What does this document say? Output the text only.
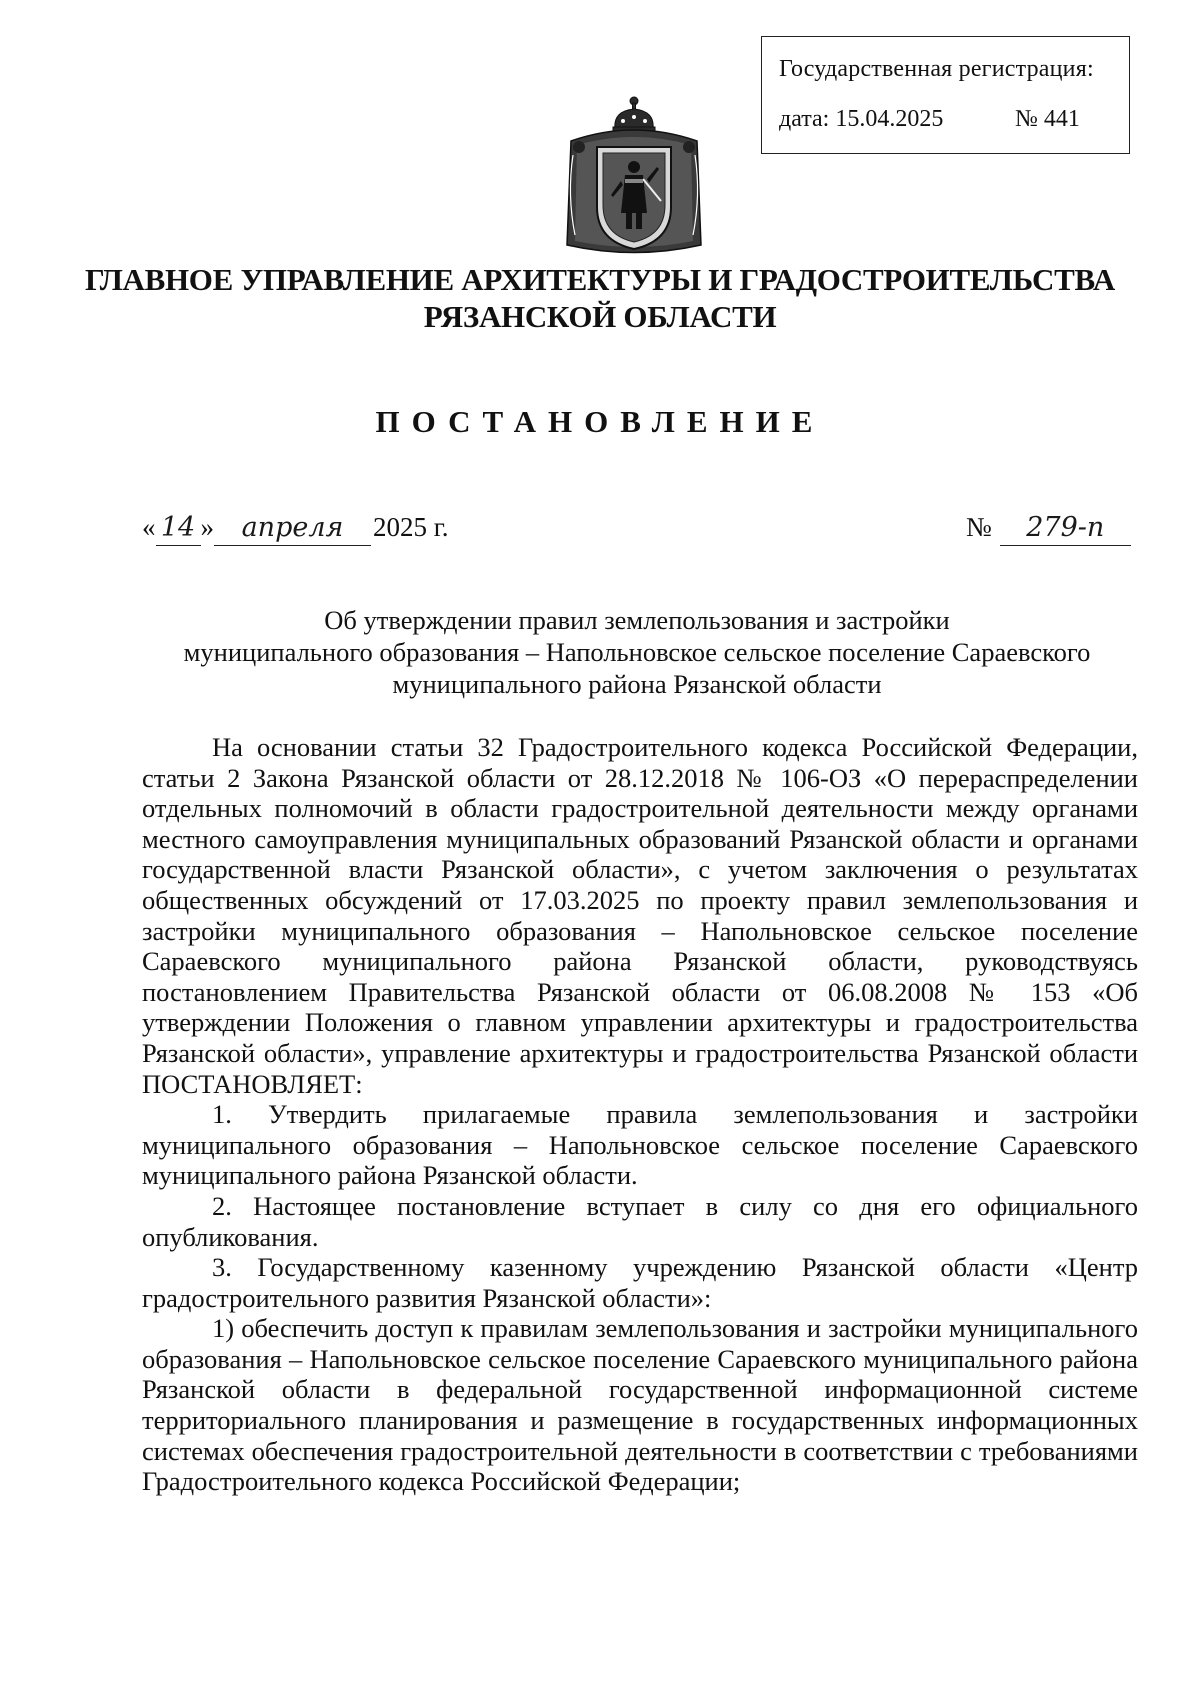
Государственная регистрация:
дата: 15.04.2025	№ 441
ГЛАВНОЕ УПРАВЛЕНИЕ АРХИТЕКТУРЫ И ГРАДОСТРОИТЕЛЬСТВА
РЯЗАНСКОЙ ОБЛАСТИ
ПОСТАНОВЛЕНИЕ
« 14 » апреля 2025 г.	№ 279-п
Об утверждении правил землепользования и застройки
муниципального образования – Напольновское сельское поселение Сараевского
муниципального района Рязанской области

На основании статьи 32 Градостроительного кодекса Российской Федерации, статьи 2 Закона Рязанской области от 28.12.2018 № 106-ОЗ «О перераспределении отдельных полномочий в области градостроительной деятельности между органами местного самоуправления муниципальных образований Рязанской области и органами государственной власти Рязанской области», с учетом заключения о результатах общественных обсуждений от 17.03.2025 по проекту правил землепользования и застройки муниципального образования – Напольновское сельское поселение Сараевского муниципального района Рязанской области, руководствуясь постановлением Правительства Рязанской области от 06.08.2008 № 153 «Об утверждении Положения о главном управлении архитектуры и градостроительства Рязанской области», управление архитектуры и градостроительства Рязанской области ПОСТАНОВЛЯЕТ:

1. Утвердить прилагаемые правила землепользования и застройки муниципального образования – Напольновское сельское поселение Сараевского муниципального района Рязанской области.

2. Настоящее постановление вступает в силу со дня его официального опубликования.

3. Государственному казенному учреждению Рязанской области «Центр градостроительного развития Рязанской области»:

1) обеспечить доступ к правилам землепользования и застройки муниципального образования – Напольновское сельское поселение Сараевского муниципального района Рязанской области в федеральной государственной информационной системе территориального планирования и размещение в государственных информационных системах обеспечения градостроительной деятельности в соответствии с требованиями Градостроительного кодекса Российской Федерации;
